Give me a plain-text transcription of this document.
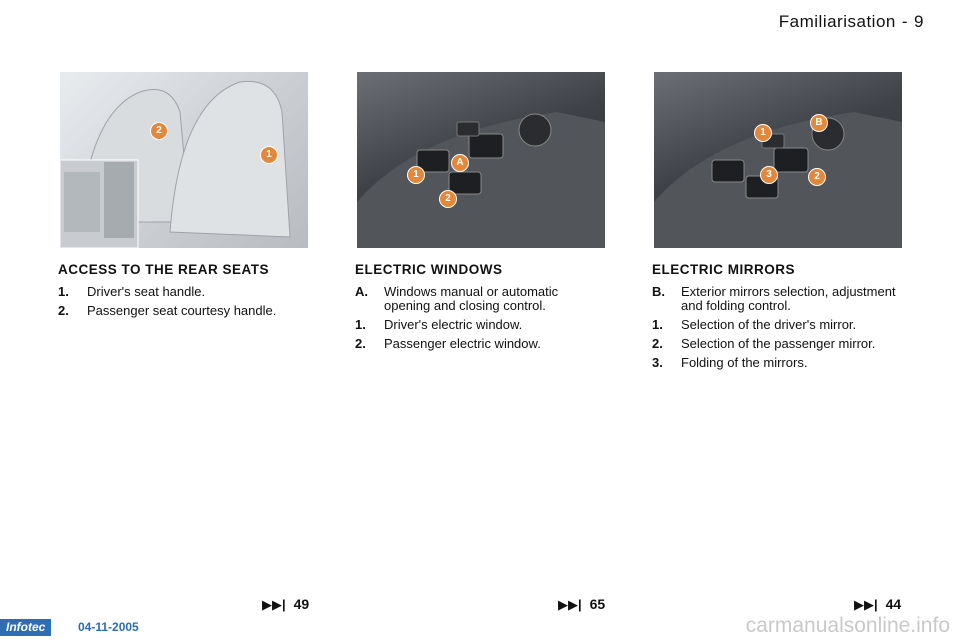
Familiarisation - 9
2
1
1
A
2
1
B
3	2
ACCESS TO THE REAR SEATS
1.	Driver's seat handle.
2.	Passenger seat courtesy handle.
ELECTRIC WINDOWS
A.	Windows manual or automatic opening and closing control.
1.	Driver's electric window.
2.	Passenger electric window.
ELECTRIC MIRRORS
B.	Exterior mirrors selection, adjustment and folding control.
1.	Selection of the driver's mirror.
2.	Selection of the passenger mirror.
3.	Folding of the mirrors.
▶▶| 49	▶▶| 65	▶▶| 44
Infotec	04-11-2005	carmanualsonline.info
